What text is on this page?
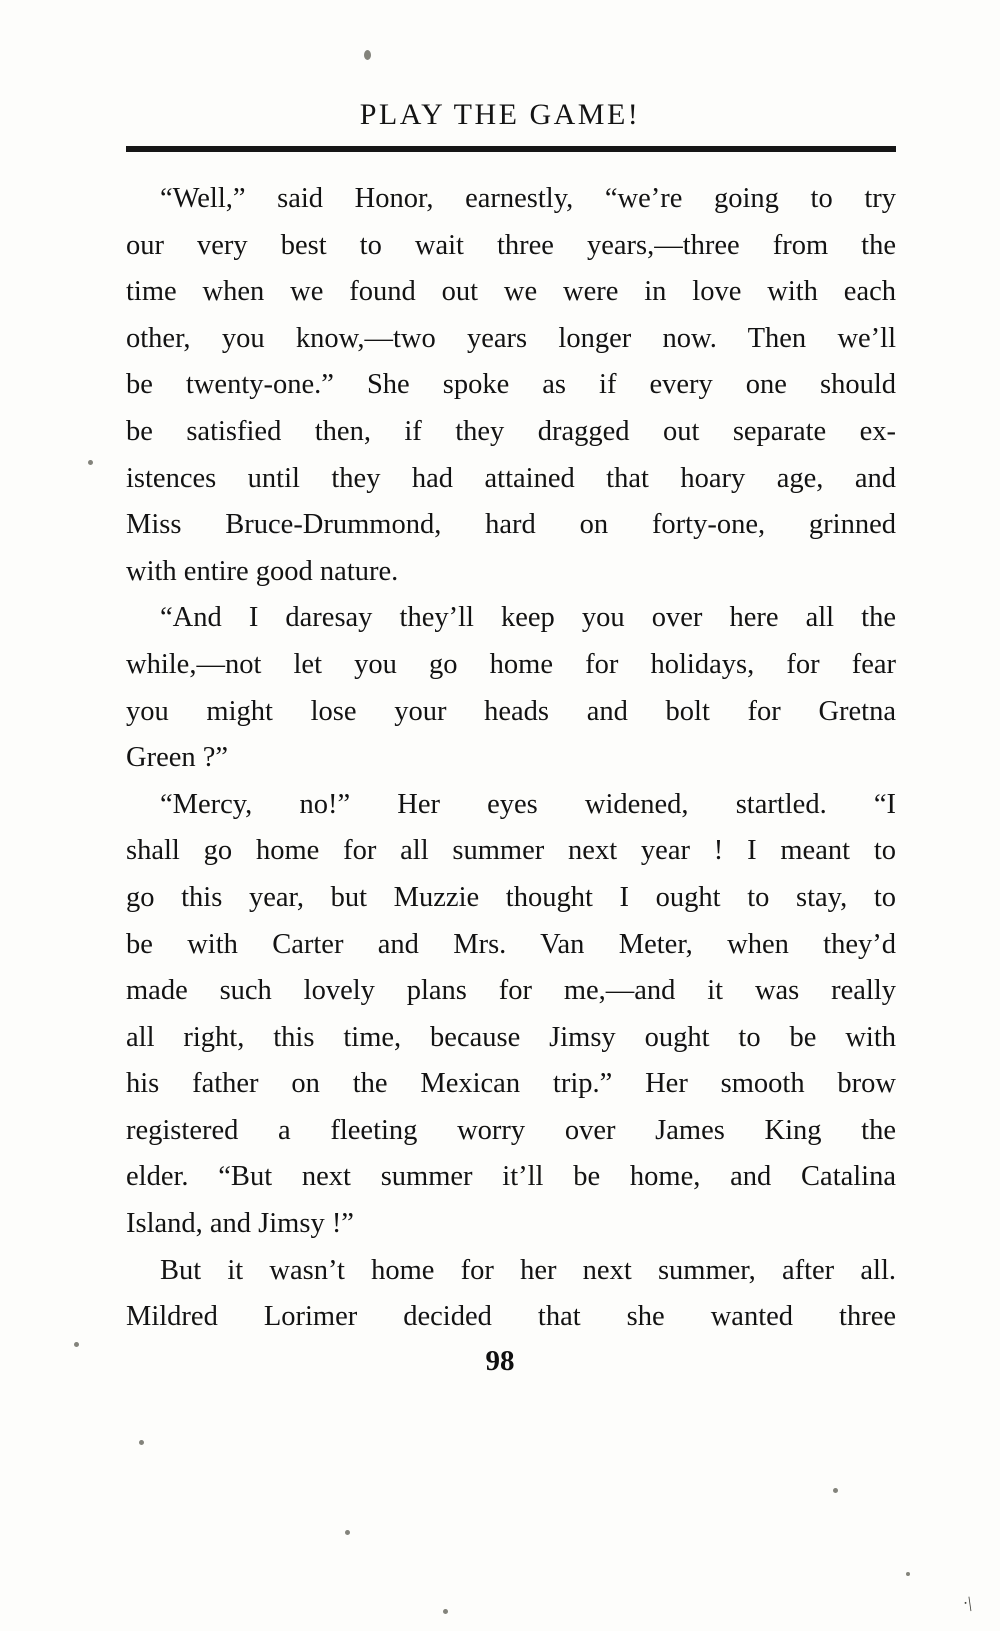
PLAY THE GAME!

“Well,” said Honor, earnestly, “we’re going to try
our very best to wait three years,—three from the
time when we found out we were in love with each
other, you know,—two years longer now. Then we’ll
be twenty-one.” She spoke as if every one should
be satisfied then, if they dragged out separate ex-
istences until they had attained that hoary age, and
Miss Bruce-Drummond, hard on forty-one, grinned
with entire good nature.

“And I daresay they’ll keep you over here all the
while,—not let you go home for holidays, for fear
you might lose your heads and bolt for Gretna
Green ?”

“Mercy, no!” Her eyes widened, startled. “I
shall go home for all summer next year ! I meant to
go this year, but Muzzie thought I ought to stay, to
be with Carter and Mrs. Van Meter, when they’d
made such lovely plans for me,—and it was really
all right, this time, because Jimsy ought to be with
his father on the Mexican trip.” Her smooth brow
registered a fleeting worry over James King the
elder. “But next summer it’ll be home, and Catalina
Island, and Jimsy !”

But it wasn’t home for her next summer, after all.
Mildred Lorimer decided that she wanted three

98
·|
